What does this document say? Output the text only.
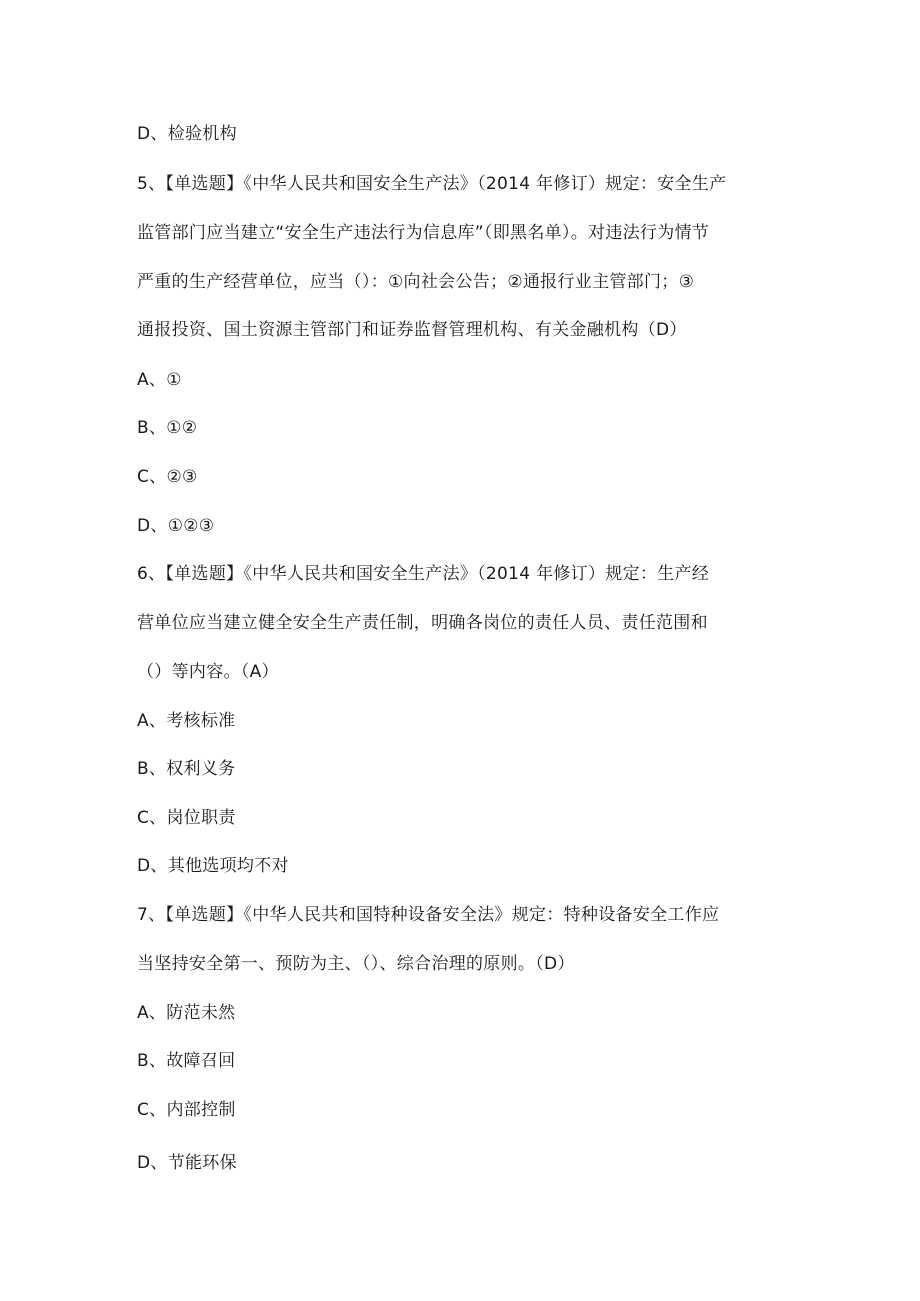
D、检验机构
5、【单选题】《中华人民共和国安全生产法》（2014 年修订）规定：安全生产
监管部门应当建立“安全生产违法行为信息库”（即黑名单）。对违法行为情节
严重的生产经营单位，应当（）：①向社会公告；②通报行业主管部门；③
通报投资、国土资源主管部门和证券监督管理机构、有关金融机构（D）
A、①
B、①②
C、②③
D、①②③
6、【单选题】《中华人民共和国安全生产法》（2014 年修订）规定：生产经
营单位应当建立健全安全生产责任制，明确各岗位的责任人员、责任范围和
（）等内容。（A）
A、考核标准
B、权利义务
C、岗位职责
D、其他选项均不对
7、【单选题】《中华人民共和国特种设备安全法》规定：特种设备安全工作应
当坚持安全第一、预防为主、（）、综合治理的原则。（D）
A、防范未然
B、故障召回
C、内部控制
D、节能环保
